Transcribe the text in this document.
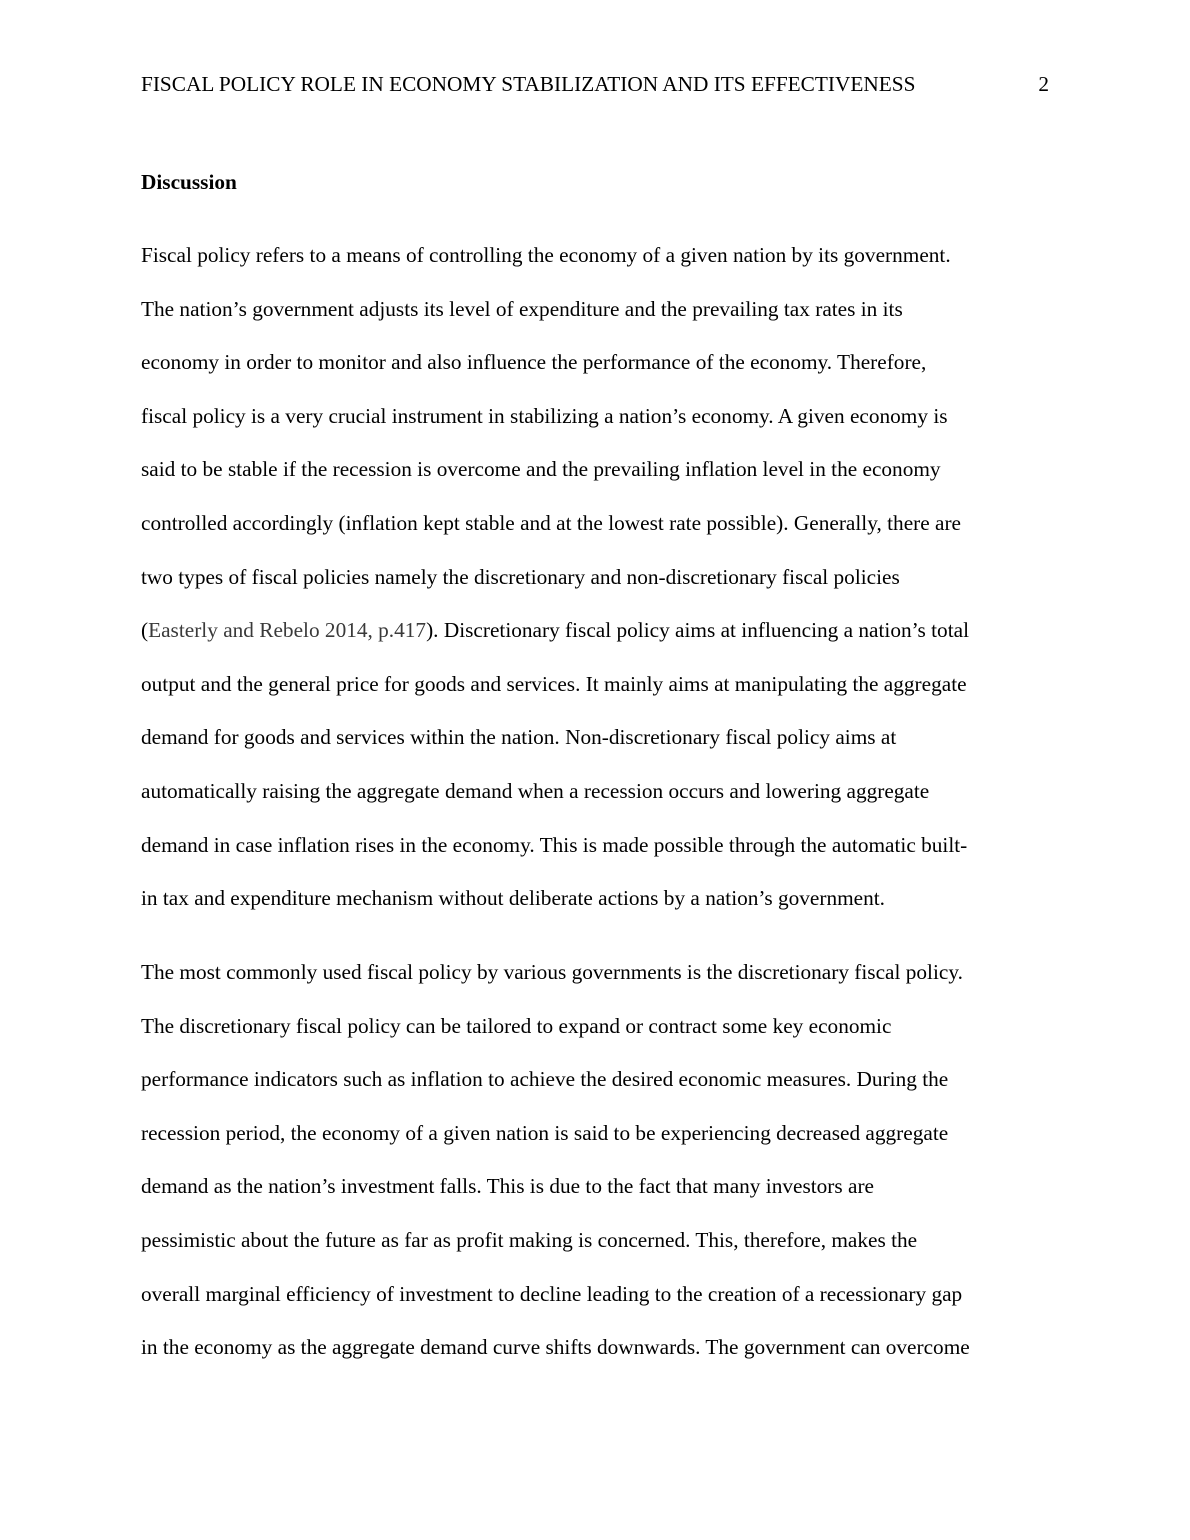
FISCAL POLICY ROLE IN ECONOMY STABILIZATION AND ITS EFFECTIVENESS	2
Discussion
Fiscal policy refers to a means of controlling the economy of a given nation by its government.
The nation’s government adjusts its level of expenditure and the prevailing tax rates in its
economy in order to monitor and also influence the performance of the economy. Therefore,
fiscal policy is a very crucial instrument in stabilizing a nation’s economy. A given economy is
said to be stable if the recession is overcome and the prevailing inflation level in the economy
controlled accordingly (inflation kept stable and at the lowest rate possible). Generally, there are
two types of fiscal policies namely the discretionary and non-discretionary fiscal policies
(Easterly and Rebelo 2014, p.417). Discretionary fiscal policy aims at influencing a nation’s total
output and the general price for goods and services. It mainly aims at manipulating the aggregate
demand for goods and services within the nation. Non-discretionary fiscal policy aims at
automatically raising the aggregate demand when a recession occurs and lowering aggregate
demand in case inflation rises in the economy. This is made possible through the automatic built-
in tax and expenditure mechanism without deliberate actions by a nation’s government.
The most commonly used fiscal policy by various governments is the discretionary fiscal policy.
The discretionary fiscal policy can be tailored to expand or contract some key economic
performance indicators such as inflation to achieve the desired economic measures. During the
recession period, the economy of a given nation is said to be experiencing decreased aggregate
demand as the nation’s investment falls. This is due to the fact that many investors are
pessimistic about the future as far as profit making is concerned. This, therefore, makes the
overall marginal efficiency of investment to decline leading to the creation of a recessionary gap
in the economy as the aggregate demand curve shifts downwards. The government can overcome
